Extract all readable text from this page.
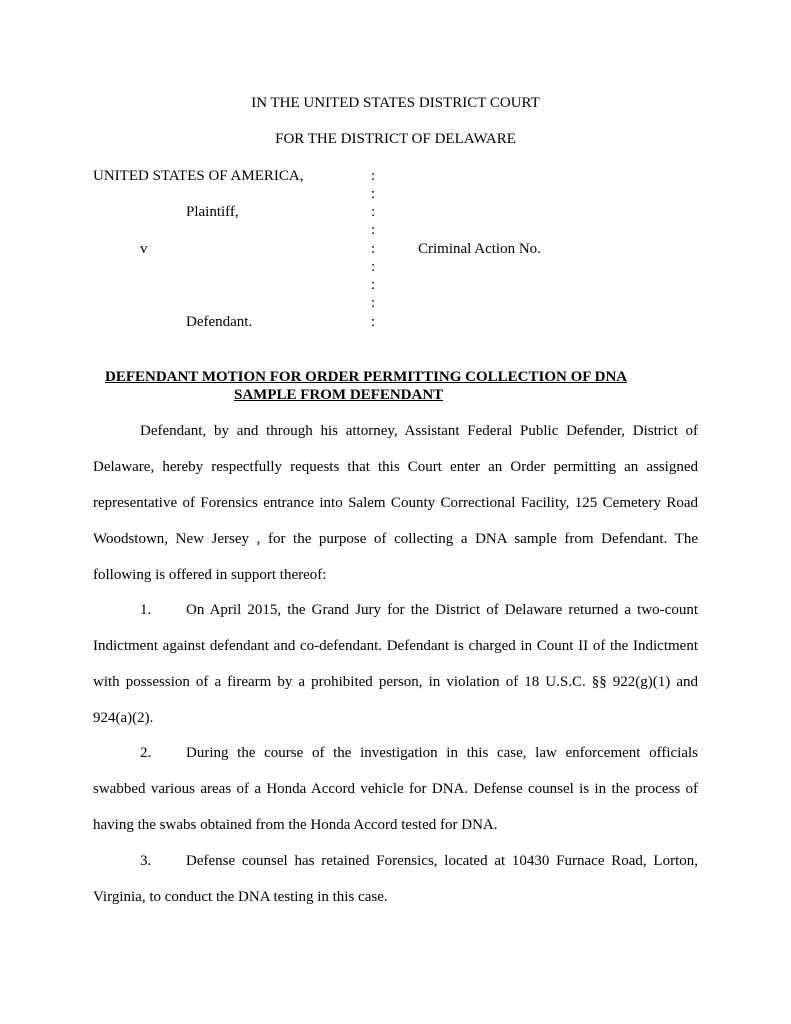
IN THE UNITED STATES DISTRICT COURT
FOR THE DISTRICT OF DELAWARE
UNITED STATES OF AMERICA,
Plaintiff,
v
Defendant.
Criminal Action No.
:
:
:
:
:
:
:
:
:
DEFENDANT MOTION FOR ORDER PERMITTING COLLECTION OF DNA
SAMPLE FROM DEFENDANT
Defendant, by and through his attorney, Assistant Federal Public Defender, District of Delaware, hereby respectfully requests that this Court enter an Order permitting an assigned representative of Forensics entrance into Salem County Correctional Facility, 125 Cemetery Road Woodstown, New Jersey , for the purpose of collecting a DNA sample from Defendant. The following is offered in support thereof:
1. On April 2015, the Grand Jury for the District of Delaware returned a two-count Indictment against defendant and co-defendant. Defendant is charged in Count II of the Indictment with possession of a firearm by a prohibited person, in violation of 18 U.S.C. §§ 922(g)(1) and 924(a)(2).
2. During the course of the investigation in this case, law enforcement officials swabbed various areas of a Honda Accord vehicle for DNA. Defense counsel is in the process of having the swabs obtained from the Honda Accord tested for DNA.
3. Defense counsel has retained Forensics, located at 10430 Furnace Road, Lorton, Virginia, to conduct the DNA testing in this case.
